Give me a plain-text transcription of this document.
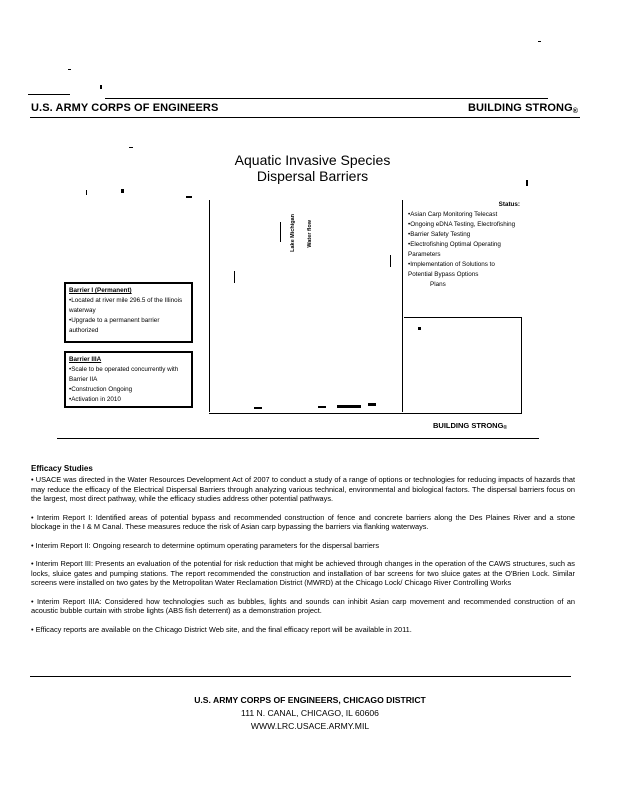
U.S. ARMY CORPS OF ENGINEERS	BUILDING STRONG®
Aquatic Invasive Species
Dispersal Barriers
Lake Michigan Water flow
Status:
•Asian Carp Monitoring Telecast
•Ongoing eDNA Testing, Electrofishing
•Barrier Safety Testing
•Electrofishing Optimal Operating Parameters
•Implementation of Solutions to Potential Bypass Options
Plans
Barrier I (Permanent)
•Located at river mile 296.5 of the Illinois waterway
•Upgrade to a permanent barrier authorized
Barrier IIIA
•Scale to be operated concurrently with Barrier IIA
•Construction Ongoing
•Activation in 2010
BUILDING STRONG®
Efficacy Studies

• USACE was directed in the Water Resources Development Act of 2007 to conduct a study of a range of options or technologies for reducing impacts of hazards that may reduce the efficacy of the Electrical Dispersal Barriers through analyzing various technical, environmental and biological factors. The dispersal barriers focus on the largest, most direct pathway, while the efficacy studies address other potential pathways.

• Interim Report I: Identified areas of potential bypass and recommended construction of fence and concrete barriers along the Des Plaines River and a stone blockage in the I & M Canal. These measures reduce the risk of Asian carp bypassing the barriers via flanking waterways.

• Interim Report II: Ongoing research to determine optimum operating parameters for the dispersal barriers

• Interim Report III: Presents an evaluation of the potential for risk reduction that might be achieved through changes in the operation of the CAWS structures, such as locks, sluice gates and pumping stations. The report recommended the construction and installation of bar screens for two sluice gates at the O'Brien Lock. Similar screens were installed on two gates by the Metropolitan Water Reclamation District (MWRD) at the Chicago Lock/ Chicago River Controlling Works

• Interim Report IIIA: Considered how technologies such as bubbles, lights and sounds can inhibit Asian carp movement and recommended construction of an acoustic bubble curtain with strobe lights (ABS fish deterrent) as a demonstration project.

• Efficacy reports are available on the Chicago District Web site, and the final efficacy report will be available in 2011.

U.S. ARMY CORPS OF ENGINEERS, CHICAGO DISTRICT
111 N. CANAL, CHICAGO, IL 60606
WWW.LRC.USACE.ARMY.MIL
